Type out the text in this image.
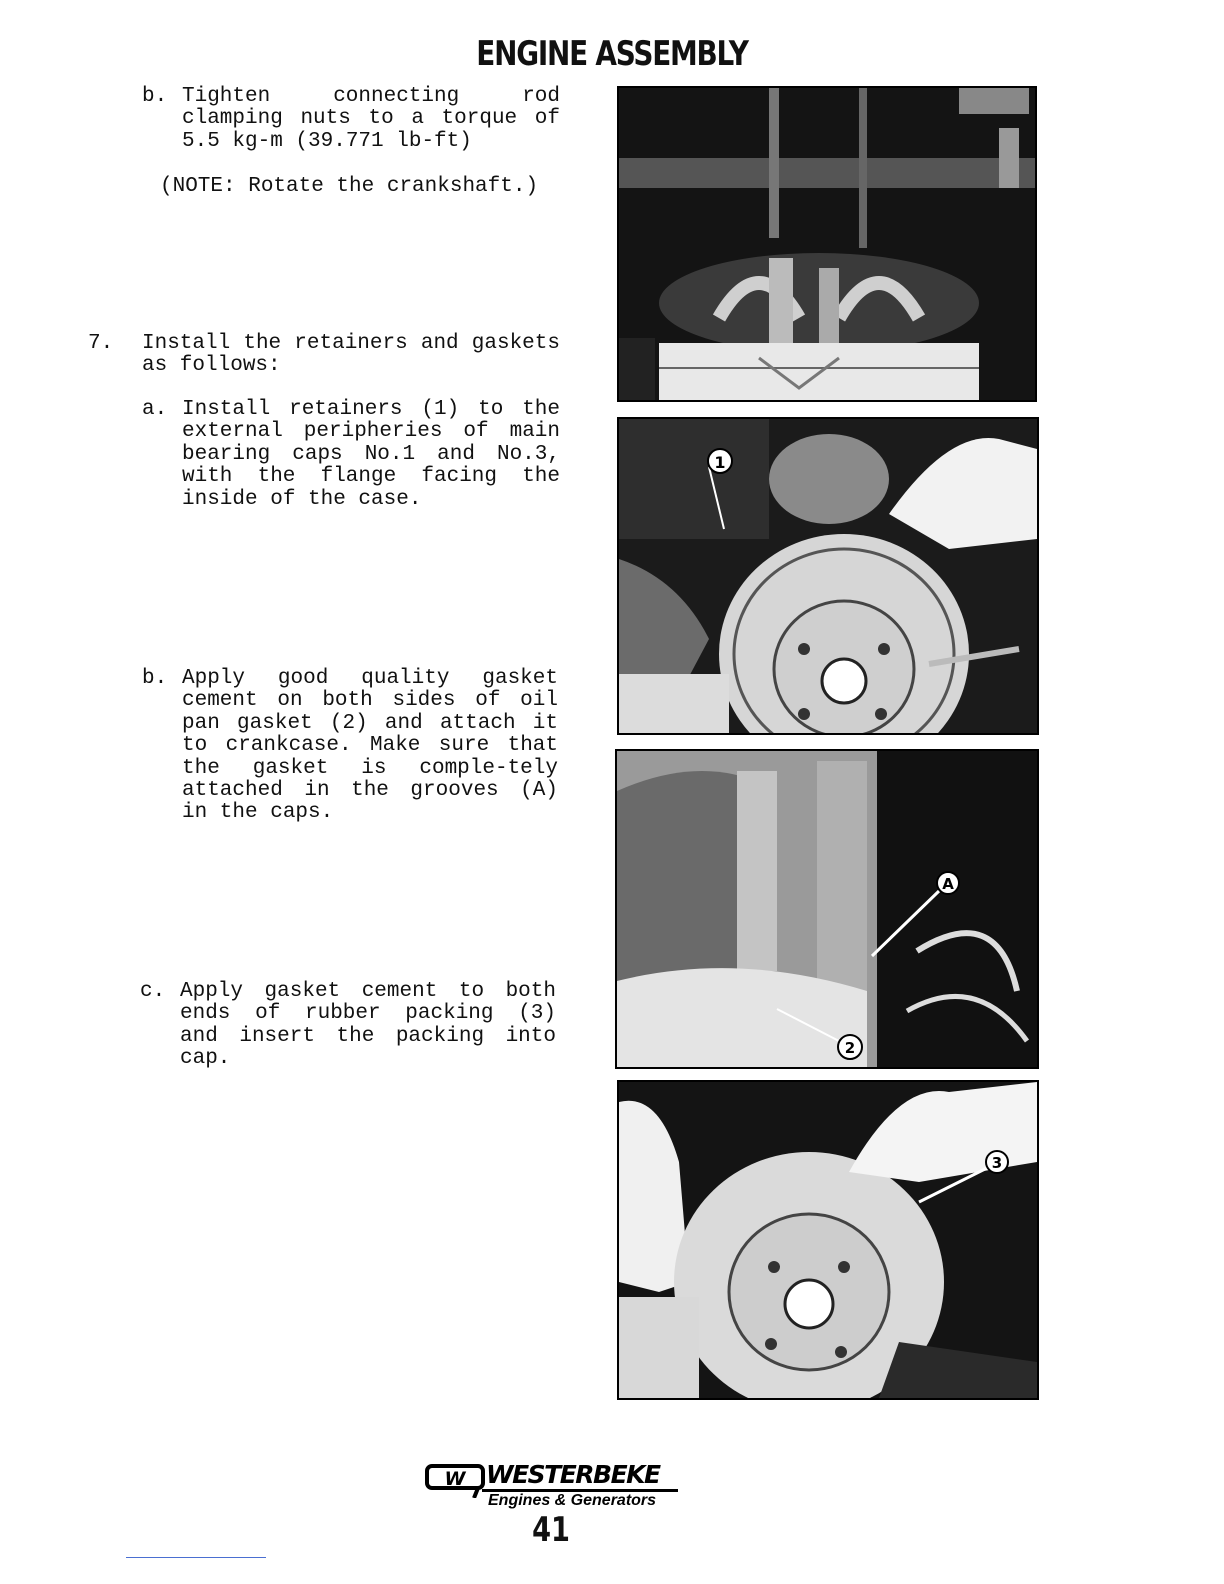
ENGINE ASSEMBLY
b. Tighten connecting rod clamping nuts to a torque of 5.5 kg-m (39.771 lb-ft)
(NOTE: Rotate the crankshaft.)
7. Install the retainers and gaskets as follows:
a. Install retainers (1) to the external peripheries of main bearing caps No.1 and No.3, with the flange facing the inside of the case.
b. Apply good quality gasket cement on both sides of oil pan gasket (2) and attach it to crankcase. Make sure that the gasket is comple-tely attached in the grooves (A) in the caps.
c. Apply gasket cement to both ends of rubber packing (3) and insert the packing into cap.
1
A
2
3
W WESTERBEKE
Engines & Generators
41
